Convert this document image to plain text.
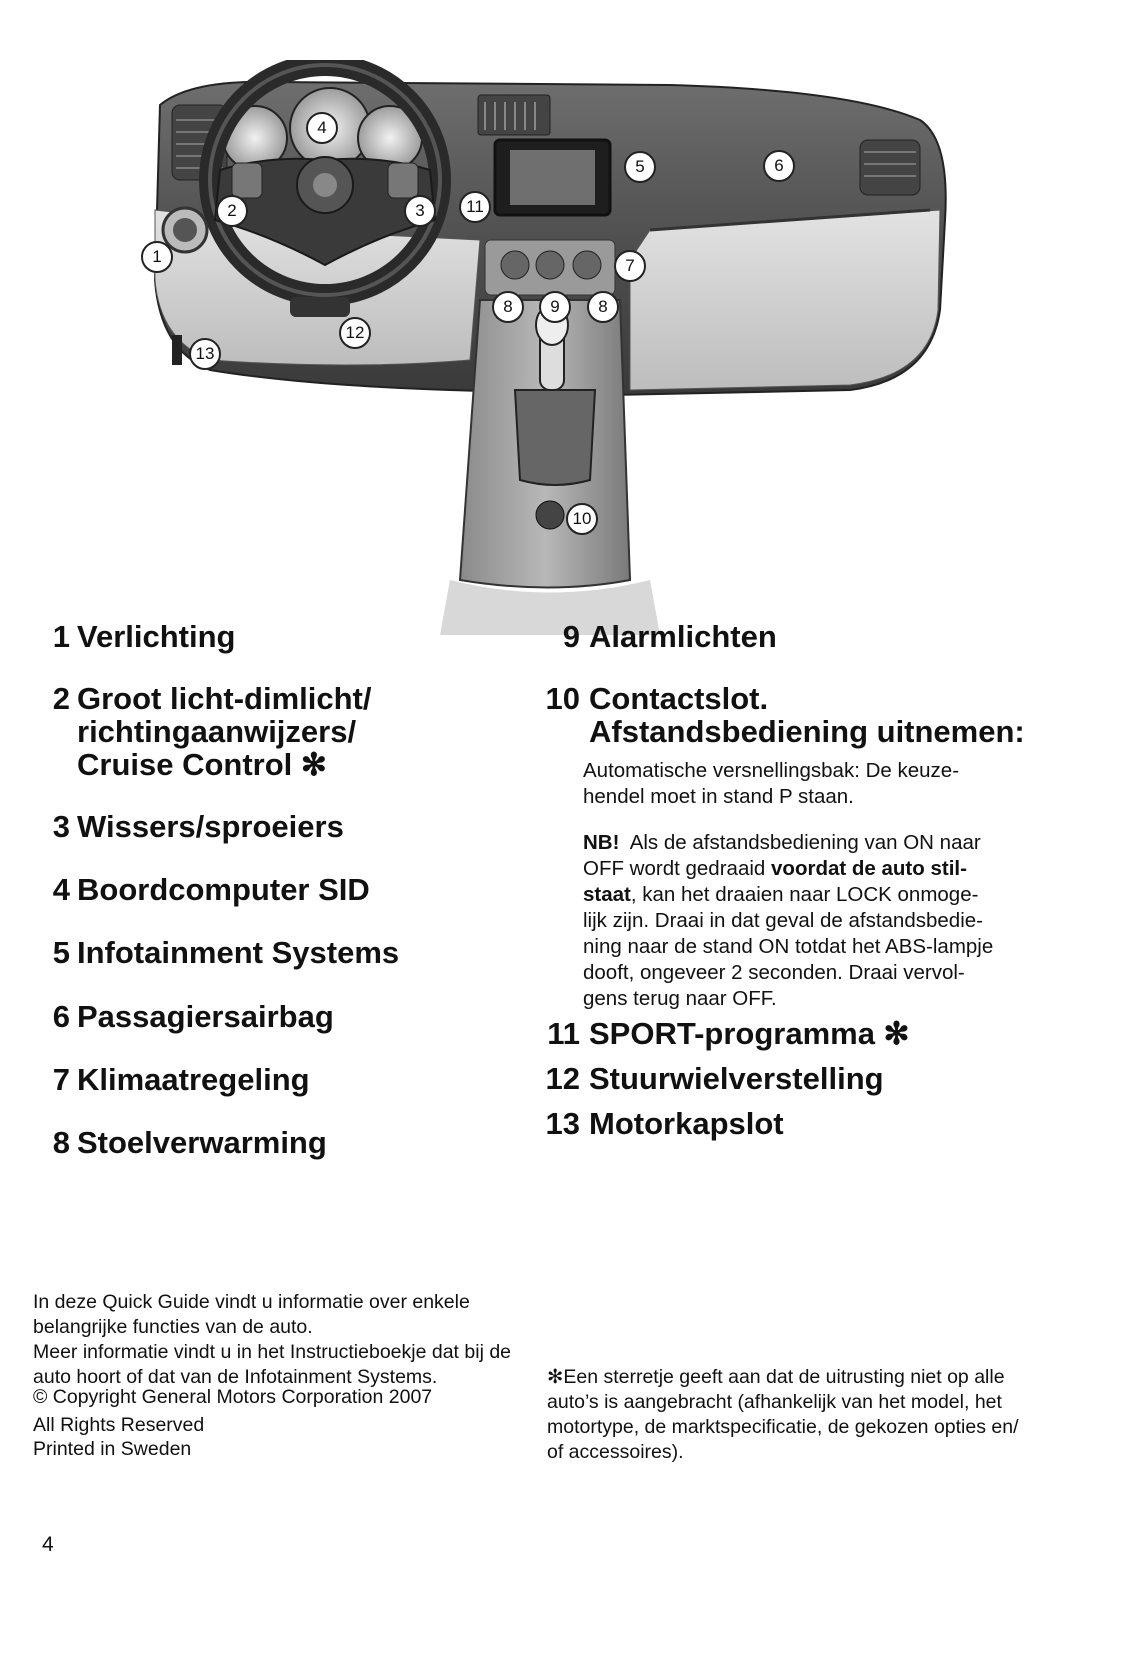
1
2	3
4
5	6
7
8	9	8
10
11
12
13
1 Verlichting
2 Groot licht-dimlicht/
richtingaanwijzers/
Cruise Control ✻
3 Wissers/sproeiers
4 Boordcomputer SID
5 Infotainment Systems
6 Passagiersairbag
7 Klimaatregeling
8 Stoelverwarming
9 Alarmlichten
10 Contactslot.
Afstandsbediening uitnemen:
Automatische versnellingsbak: De keuze-
hendel moet in stand P staan.
NB! Als de afstandsbediening van ON naar
OFF wordt gedraaid voordat de auto stil-
staat, kan het draaien naar LOCK onmoge-
lijk zijn. Draai in dat geval de afstandsbedie-
ning naar de stand ON totdat het ABS-lampje
dooft, ongeveer 2 seconden. Draai vervol-
gens terug naar OFF.
11 SPORT-programma ✻
12 Stuurwielverstelling
13 Motorkapslot
In deze Quick Guide vindt u informatie over enkele
belangrijke functies van de auto.
Meer informatie vindt u in het Instructieboekje dat bij de
auto hoort of dat van de Infotainment Systems.
© Copyright General Motors Corporation 2007
All Rights Reserved
Printed in Sweden
✻Een sterretje geeft aan dat de uitrusting niet op alle
auto’s is aangebracht (afhankelijk van het model, het
motortype, de marktspecificatie, de gekozen opties en/
of accessoires).
4
